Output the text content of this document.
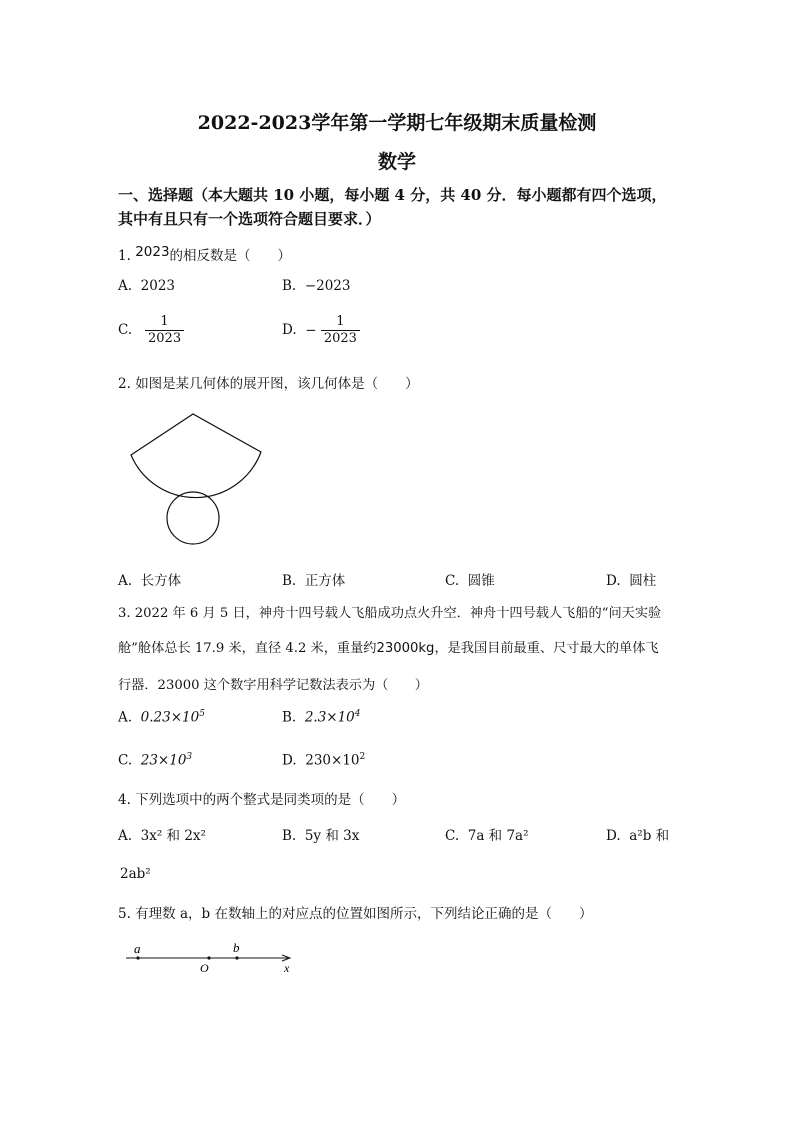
2022-2023学年第一学期七年级期末质量检测
数学
一、选择题（本大题共 10 小题，每小题 4 分，共 40 分．每小题都有四个选项，
其中有且只有一个选项符合题目要求．）
1. 2023的相反数是（　　）
A. 2023	B. −2023
C. $\frac{1}{2023}$	D. − $\frac{1}{2023}$
2. 如图是某几何体的展开图，该几何体是（　　）
A. 长方体	B. 正方体	C. 圆锥	D. 圆柱
3. 2022 年 6 月 5 日，神舟十四号载人飞船成功点火升空．神舟十四号载人飞船的“问天实验
舱”舱体总长 17.9 米，直径 4.2 米，重量约23000kg，是我国目前最重、尺寸最大的单体飞
行器．23000 这个数字用科学记数法表示为（　　）
A. $0.23\times 10^5$	B. $2.3\times 10^4$
C. $23\times 10^3$	D. $230\times 10^2$
4. 下列选项中的两个整式是同类项的是（　　）
A. 3x² 和 2x²	B. 5y 和 3x	C. 7a 和 7a²	D. a²b 和
2ab²
5. 有理数 a，b 在数轴上的对应点的位置如图所示，下列结论正确的是（　　）
a	b
O	x
